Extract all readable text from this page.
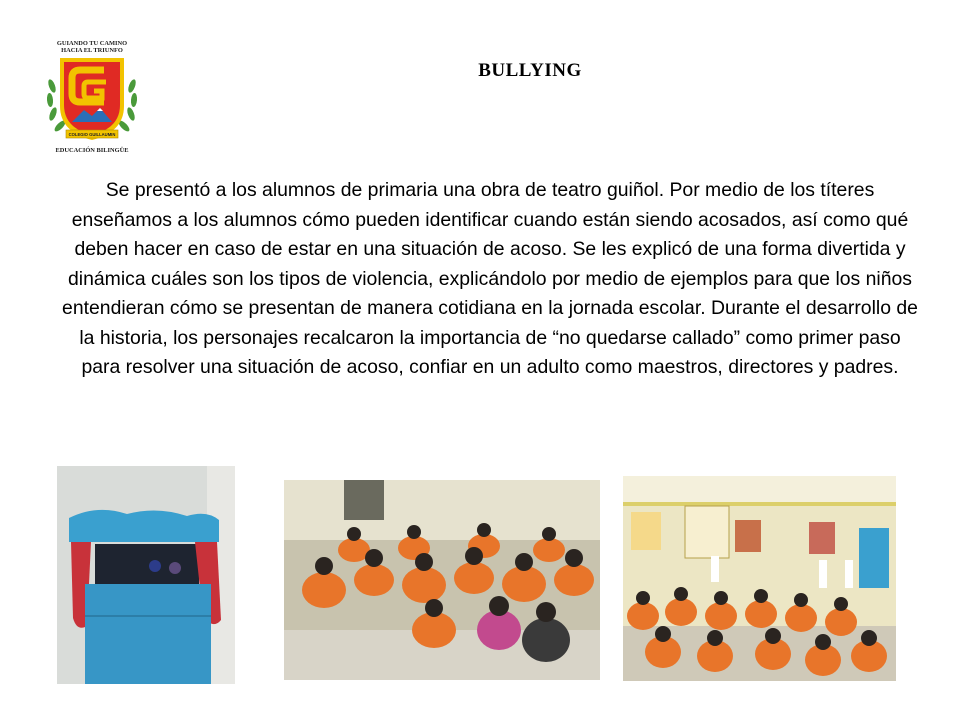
GUIANDO TU CAMINO
HACIA EL TRIUNFO
COLEGIO GUILLAUMIN
EDUCACIÓN BILINGÜE
BULLYING

Se presentó a los alumnos de primaria una obra de teatro guiñol. Por medio de los títeres enseñamos a los alumnos cómo pueden identificar cuando están siendo acosados, así como qué deben hacer en caso de estar en una situación de acoso. Se les explicó de una forma divertida y dinámica cuáles son los tipos de violencia, explicándolo por medio de ejemplos para que los niños entendieran cómo se presentan de manera cotidiana en la jornada escolar. Durante el desarrollo de la historia, los personajes recalcaron la importancia de “no quedarse callado” como primer paso para resolver una situación de acoso, confiar en un adulto como maestros, directores y padres.
